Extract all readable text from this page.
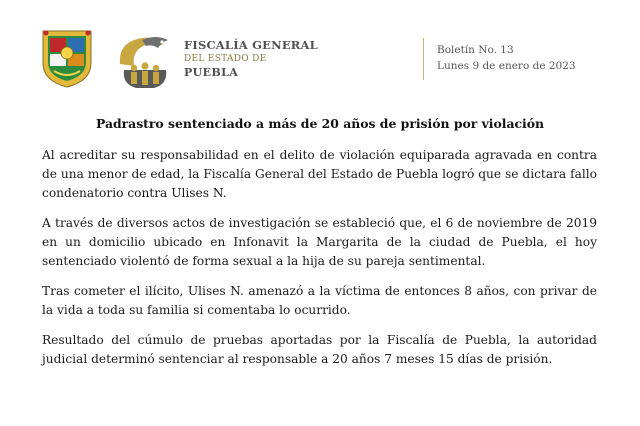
FISCALÍA GENERAL
DEL ESTADO DE
PUEBLA
Boletín No. 13
Lunes 9 de enero de 2023
Padrastro sentenciado a más de 20 años de prisión por violación

Al acreditar su responsabilidad en el delito de violación equiparada agravada en contra de una menor de edad, la Fiscalía General del Estado de Puebla logró que se dictara fallo condenatorio contra Ulises N.

A través de diversos actos de investigación se estableció que, el 6 de noviembre de 2019 en un domicilio ubicado en Infonavit la Margarita de la ciudad de Puebla, el hoy sentenciado violentó de forma sexual a la hija de su pareja sentimental.

Tras cometer el ilícito, Ulises N. amenazó a la víctima de entonces 8 años, con privar de la vida a toda su familia si comentaba lo ocurrido.

Resultado del cúmulo de pruebas aportadas por la Fiscalía de Puebla, la autoridad judicial determinó sentenciar al responsable a 20 años 7 meses 15 días de prisión.
